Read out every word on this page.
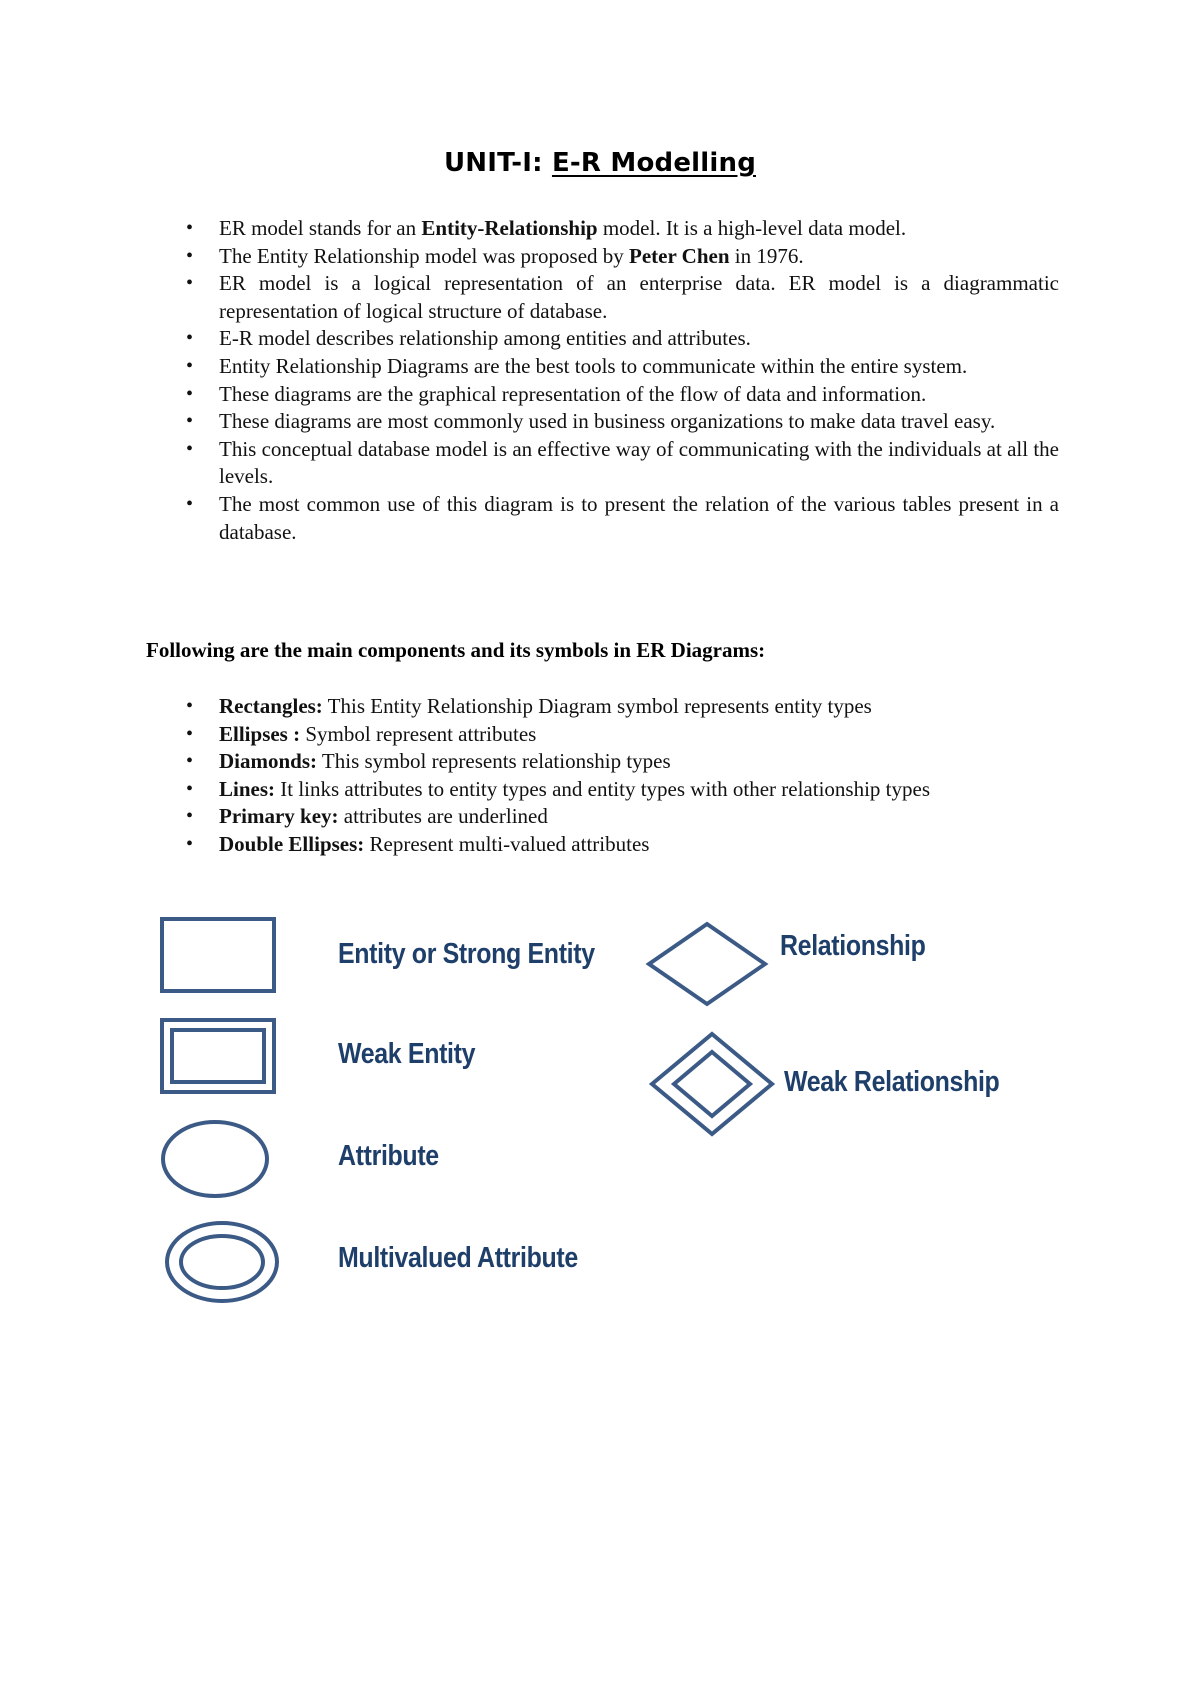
UNIT-I: E-R Modelling
• ER model stands for an Entity-Relationship model. It is a high-level data model.
• The Entity Relationship model was proposed by Peter Chen in 1976.
• ER model is a logical representation of an enterprise data. ER model is a diagrammatic representation of logical structure of database.
• E-R model describes relationship among entities and attributes.
• Entity Relationship Diagrams are the best tools to communicate within the entire system.
• These diagrams are the graphical representation of the flow of data and information.
• These diagrams are most commonly used in business organizations to make data travel easy.
• This conceptual database model is an effective way of communicating with the individuals at all the levels.
• The most common use of this diagram is to present the relation of the various tables present in a database.
Following are the main components and its symbols in ER Diagrams:
• Rectangles: This Entity Relationship Diagram symbol represents entity types
• Ellipses : Symbol represent attributes
• Diamonds: This symbol represents relationship types
• Lines: It links attributes to entity types and entity types with other relationship types
• Primary key: attributes are underlined
• Double Ellipses: Represent multi-valued attributes
Entity or Strong Entity
Weak Entity
Attribute
Multivalued Attribute
Relationship
Weak Relationship
